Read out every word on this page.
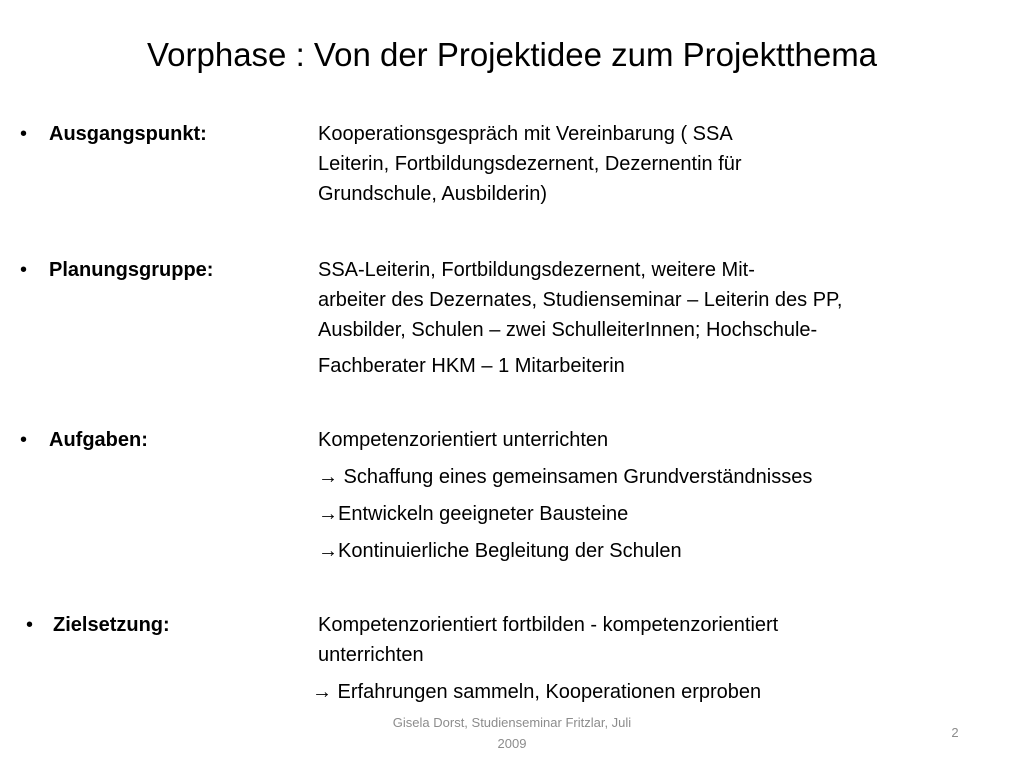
Vorphase : Von der Projektidee zum Projektthema
• Ausgangspunkt:	Kooperationsgespräch mit Vereinbarung ( SSA
Leiterin, Fortbildungsdezernent, Dezernentin für
Grundschule, Ausbilderin)
• Planungsgruppe:	SSA-Leiterin, Fortbildungsdezernent, weitere Mit-
arbeiter des Dezernates, Studienseminar – Leiterin des PP,
Ausbilder, Schulen – zwei SchulleiterInnen; Hochschule-
Fachberater HKM – 1 Mitarbeiterin
• Aufgaben:	Kompetenzorientiert unterrichten
→ Schaffung eines gemeinsamen Grundverständnisses
→Entwickeln geeigneter Bausteine
→Kontinuierliche Begleitung der Schulen
• Zielsetzung:	Kompetenzorientiert fortbilden - kompetenzorientiert
unterrichten
→ Erfahrungen sammeln, Kooperationen erproben
Gisela Dorst, Studienseminar Fritzlar, Juli
2009
2
